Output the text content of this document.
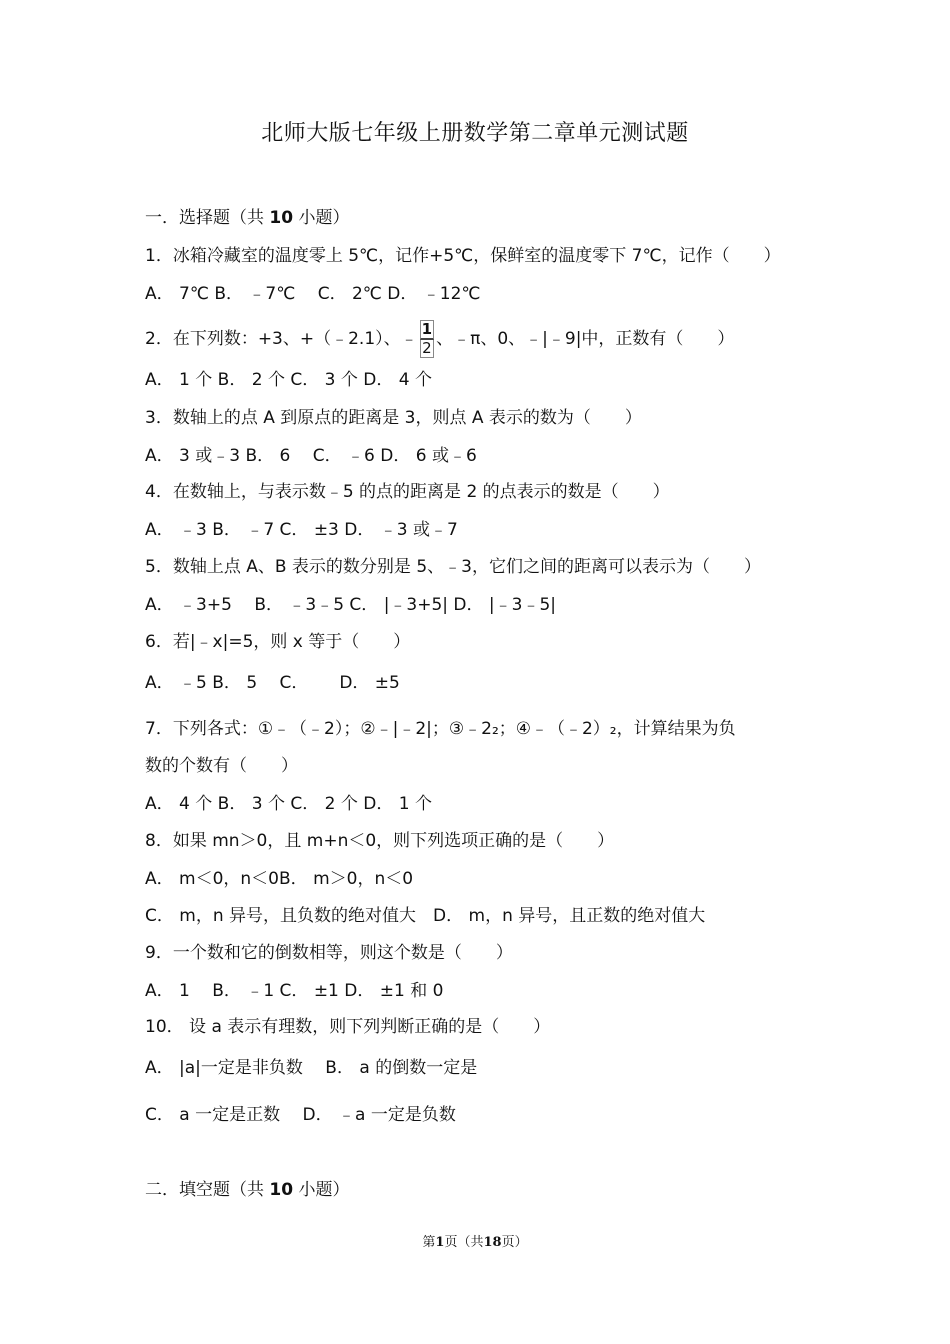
北师大版七年级上册数学第二章单元测试题
一．选择题（共 10 小题）
1．冰箱冷藏室的温度零上 5℃，记作+5℃，保鲜室的温度零下 7℃，记作（　　）
A． 7℃ B． ﹣7℃　 C． 2℃ D． ﹣12℃
2．在下列数：+3、+（﹣2.1）、﹣ $\frac{1}{2}$ 、﹣π、0、﹣|﹣9|中，正数有（　　）
A． 1 个 B． 2 个 C． 3 个 D． 4 个
3．数轴上的点 A 到原点的距离是 3，则点 A 表示的数为（　　）
A． 3 或﹣3 B． 6　 C． ﹣6 D． 6 或﹣6
4．在数轴上，与表示数﹣5 的点的距离是 2 的点表示的数是（　　）
A． ﹣3 B． ﹣7 C． ±3 D． ﹣3 或﹣7
5．数轴上点 A、B 表示的数分别是 5、﹣3，它们之间的距离可以表示为（　　）
A． ﹣3+5　 B． ﹣3﹣5 C． |﹣3+5| D． |﹣3﹣5|
6．若|﹣x|=5，则 x 等于（　　）
A． ﹣5 B． 5　 C．　　 D． ±5
7．下列各式：①﹣（﹣2）；②﹣|﹣2|；③﹣2₂；④﹣（﹣2）₂，计算结果为负
数的个数有（　　）
A． 4 个 B． 3 个 C． 2 个 D． 1 个
8．如果 mn＞0，且 m+n＜0，则下列选项正确的是（　　）
A． m＜0，n＜0B． m＞0，n＜0
C． m，n 异号，且负数的绝对值大　D． m，n 异号，且正数的绝对值大
9．一个数和它的倒数相等，则这个数是（　　）
A． 1　 B． ﹣1 C． ±1 D． ±1 和 0
10． 设 a 表示有理数，则下列判断正确的是（　　）
A． |a|一定是非负数　 B． a 的倒数一定是
C． a 一定是正数　 D． ﹣a 一定是负数
二．填空题（共 10 小题）
第1页（共18页）
